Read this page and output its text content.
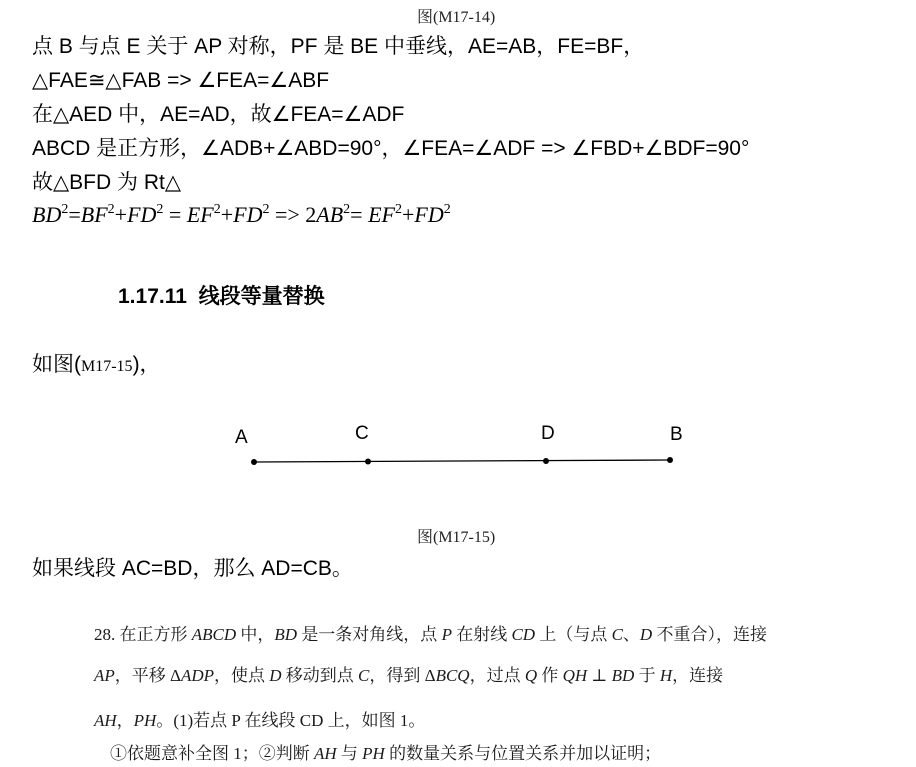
图(M17-14)
点 B 与点 E 关于 AP 对称，PF 是 BE 中垂线，AE=AB，FE=BF，
△FAE≅△FAB => ∠FEA=∠ABF
在△AED 中，AE=AD，故∠FEA=∠ADF
ABCD 是正方形，∠ADB+∠ABD=90°，∠FEA=∠ADF => ∠FBD+∠BDF=90°
故△BFD 为 Rt△
$BD^2=BF^2+FD^2 = EF^2+FD^2 => 2AB^2= EF^2+FD^2$
1.17.11  线段等量替换
如图(M17-15)，
A	C	D	B
图(M17-15)
如果线段 AC=BD，那么 AD=CB。
28. 在正方形 ABCD 中，BD 是一条对角线，点 P 在射线 CD 上（与点 C、D 不重合），连接
AP，平移 ΔADP，使点 D 移动到点 C，得到 ΔBCQ，过点 Q 作 QH ⊥ BD 于 H，连接
AH，PH。(1)若点 P 在线段 CD 上，如图 1。
①依题意补全图 1；②判断 AH 与 PH 的数量关系与位置关系并加以证明；
